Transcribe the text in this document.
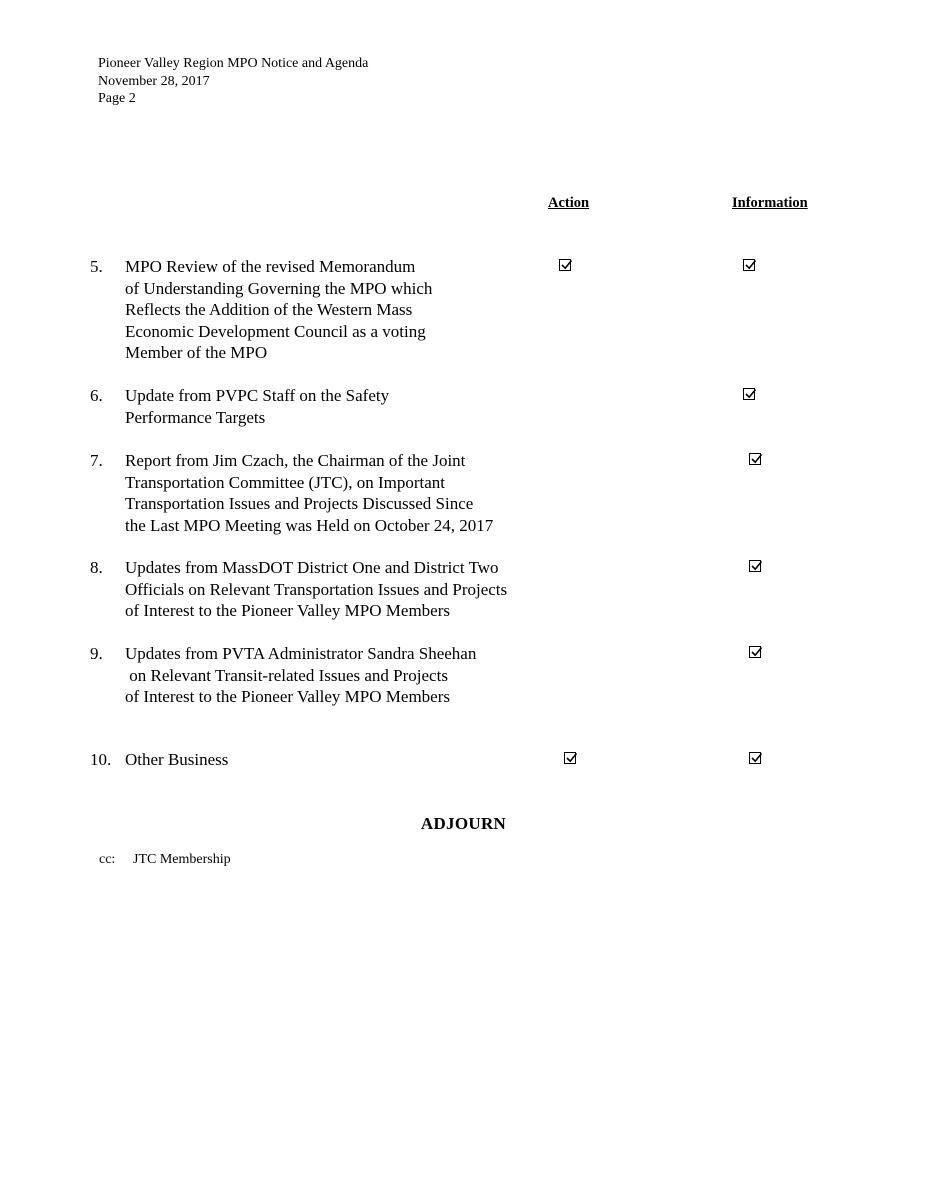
Pioneer Valley Region MPO Notice and Agenda
November 28, 2017
Page 2
Action	Information
5. MPO Review of the revised Memorandum
of Understanding Governing the MPO which
Reflects the Addition of the Western Mass
Economic Development Council as a voting
Member of the MPO
6. Update from PVPC Staff on the Safety
Performance Targets
7. Report from Jim Czach, the Chairman of the Joint
Transportation Committee (JTC), on Important
Transportation Issues and Projects Discussed Since
the Last MPO Meeting was Held on October 24, 2017
8. Updates from MassDOT District One and District Two
Officials on Relevant Transportation Issues and Projects
of Interest to the Pioneer Valley MPO Members
9. Updates from PVTA Administrator Sandra Sheehan
on Relevant Transit-related Issues and Projects
of Interest to the Pioneer Valley MPO Members
10. Other Business
ADJOURN
cc: JTC Membership
